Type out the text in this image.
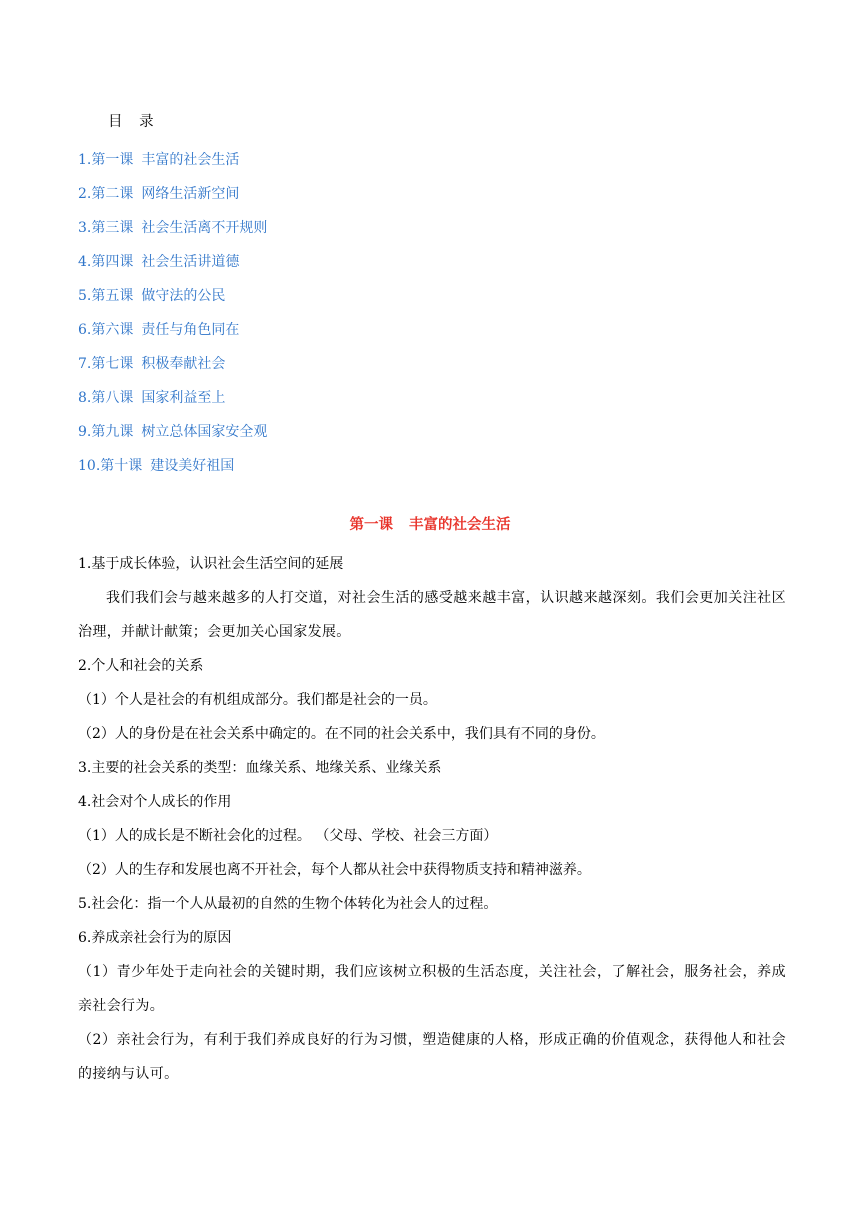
目 录
1.第一课 丰富的社会生活
2.第二课 网络生活新空间
3.第三课 社会生活离不开规则
4.第四课 社会生活讲道德
5.第五课 做守法的公民
6.第六课 责任与角色同在
7.第七课 积极奉献社会
8.第八课 国家利益至上
9.第九课 树立总体国家安全观
10.第十课 建设美好祖国
第一课 丰富的社会生活
1.基于成长体验，认识社会生活空间的延展
我们我们会与越来越多的人打交道，对社会生活的感受越来越丰富，认识越来越深刻。我们会更加关注社区治理，并献计献策；会更加关心国家发展。
2.个人和社会的关系
（1）个人是社会的有机组成部分。我们都是社会的一员。
（2）人的身份是在社会关系中确定的。在不同的社会关系中，我们具有不同的身份。
3.主要的社会关系的类型：血缘关系、地缘关系、业缘关系
4.社会对个人成长的作用
（1）人的成长是不断社会化的过程。 （父母、学校、社会三方面）
（2）人的生存和发展也离不开社会，每个人都从社会中获得物质支持和精神滋养。
5.社会化：指一个人从最初的自然的生物个体转化为社会人的过程。
6.养成亲社会行为的原因
（1）青少年处于走向社会的关键时期，我们应该树立积极的生活态度，关注社会，了解社会，服务社会，养成亲社会行为。
（2）亲社会行为，有利于我们养成良好的行为习惯，塑造健康的人格，形成正确的价值观念，获得他人和社会的接纳与认可。
